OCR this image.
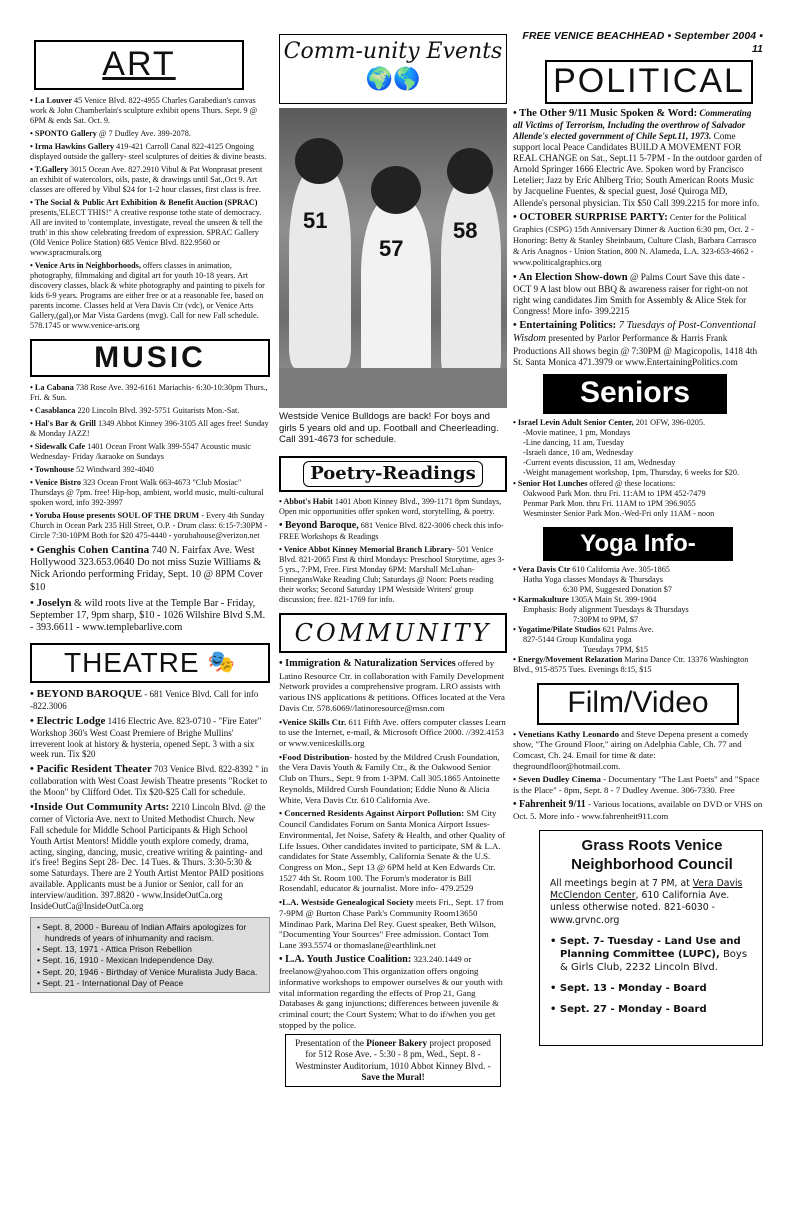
ART

• La Louver 45 Venice Blvd. 822-4955 Charles Garabedian's canvas work & John Chamberlain's sculpture exhibit opens Thurs. Sept. 9 @ 6PM & ends Sat. Oct. 9.

• SPONTO Gallery @ 7 Dudley Ave. 399-2078.

• Irma Hawkins Gallery 419-421 Carroll Canal 822-4125 Ongoing displayed outside the gallery- steel sculptures of deities & divine beasts.

• T.Gallery 3015 Ocean Ave. 827.2910 Vibul & Pat Wonprasat present an exhibit of watercolors, oils, paste, & drawings until Sat.,Oct 9. Art classes are offered by Vibul $24 for 1-2 hour classes, first class is free.

• The Social & Public Art Exhibition & Benefit Auction (SPRAC) presents,'ELECT THIS!" A creative response tothe state of democracy. All are invited to 'contemplate, investigate, reveal the unseen & tell the truth' in this show celebrating freedom of expression. SPRAC Gallery (Old Venice Police Station) 685 Venice Blvd. 822.9560 or www.spracmurals.org

• Venice Arts in Neighborhoods, offers classes in animation, photography, filmmaking and digital art for youth 10-18 years. Art discovery classes, black & white photography and painting to pixels for kids 6-9 years. Programs are either free or at a reasonable fee, based on parents income. Classes held at Vera Davis Ctr (vdc), or Venice Arts Gallery,(gal),or Mar Vista Gardens (mvg). Call for new Fall schedule. 578.1745 or www.venice-arts.org

MUSIC

• La Cabana 738 Rose Ave. 392-6161 Mariachis- 6:30-10:30pm Thurs., Fri. & Sun.

• Casablanca 220 Lincoln Blvd. 392-5751 Guitarists Mon.-Sat.

• Hal's Bar & Grill 1349 Abbot Kinney 396-3105 All ages free! Sunday & Monday JAZZ!

• Sidewalk Cafe 1401 Ocean Front Walk 399-5547 Acoustic music Wednesday- Friday /karaoke on Sundays

• Townhouse 52 Windward 392-4040

• Venice Bistro 323 Ocean Front Walk 663-4673 "Club Mosiac" Thursdays @ 7pm. free! Hip-hop, ambient, world music, multi-cultural spoken word, info 392-3997

• Yoruba House presents SOUL OF THE DRUM - Every 4th Sunday Church in Ocean Park 235 Hill Street, O.P. - Drum class: 6:15-7:30PM - Circle 7:30-10PM Both for $20 475-4440 - yorubahouse@verizon.net

• Genghis Cohen Cantina 740 N. Fairfax Ave. West Hollywood 323.653.0640 Do not miss Suzie Williams & Nick Ariondo performing Friday, Sept. 10 @ 8PM Cover $10

• Joselyn & wild roots live at the Temple Bar - Friday, September 17, 9pm sharp, $10 - 1026 Wilshire Blvd S.M. - 393.6611 - www.templebarlive.com

THEATRE 🎭

• BEYOND BAROQUE - 681 Venice Blvd. Call for info -822.3006

• Electric Lodge 1416 Electric Ave. 823-0710 - "Fire Eater" Workshop 360's West Coast Premiere of Brighe Mullins' irreverent look at history & hysteria, opened Sept. 3 with a six week run. Tix $20

• Pacific Resident Theater 703 Venice Blvd. 822-8392 " in collaboration with West Coast Jewish Theatre presents "Rocket to the Moon" by Clifford Odet. Tix $20-$25 Call for schedule.

•Inside Out Community Arts: 2210 Lincoln Blvd. @ the corner of Victoria Ave. next to United Methodist Church. New Fall schedule for Middle School Participants & High School Youth Artist Mentors! Middle youth explore comedy, drama, acting, singing, dancing, music, creative writing & painting- and it's free! Begins Sept 28- Dec. 14 Tues. & Thurs. 3:30-5:30 & some Saturdays. There are 2 Youth Artist Mentor PAID positions available. Applicants must be a Junior or Senior, call for an interview/audition. 397.8820 - www.InsideOutCa.org InsideOutCa@InsideOutCa.org

• Sept. 8, 2000 - Bureau of Indian Affairs apologizes for hundreds of years of inhumanity and racism.
• Sept. 13, 1971 - Attica Prison Rebellion
• Sept. 16, 1910 - Mexican Independence Day.
• Sept. 20, 1946 - Birthday of Venice Muralista Judy Baca.
• Sept. 21 - International Day of Peace
Comm-unity Events
🌍🌎
51
57
58
Westside Venice Bulldogs are back! For boys and girls 5 years old and up. Football and Cheerleading. Call 391-4673 for schedule.
Poetry-Readings

• Abbot's Habit 1401 Abott Kinney Blvd., 399-1171 8pm Sundays, Open mic opportunities offer spoken word, storytelling, & poetry.

• Beyond Baroque, 681 Venice Blvd. 822-3006 check this info- FREE Workshops & Readings

• Venice Abbot Kinney Memorial Branch Library- 501 Venice Blvd. 821-2065 First & third Mondays: Preschool Storytime, ages 3-5 yrs., 7:PM, Free. First Monday 6PM: Marshall McLuhan-FinnegansWake Reading Club; Saturdays @ Noon: Poets reading their works; Second Saturday 1PM Westside Writers' group discussion; free. 821-1769 for info.

COMMUNITY

• Immigration & Naturalization Services offered by Latino Resource Ctr. in collaboration with Family Development Network provides a comprehensive program. LRO assists with various INS applications & petitions. Offices located at the Vera Davis Ctr. 578.6069//latinoresource@msn.com

•Venice Skills Ctr. 611 Fifth Ave. offers computer classes Learn to use the Internet, e-mail, & Microsoft Office 2000. //392.4153 or www.veniceskills.org

•Food Distribution- hosted by the Mildred Crush Foundation, the Vera Davis Youth & Family Ctr., & the Oakwood Senior Club on Thurs., Sept. 9 from 1-3PM. Call 305.1865 Antoinette Reynolds, Mildred Cursh Foundation; Eddie Nuno & Alicia White, Vera Davis Ctr. 610 California Ave.

• Concerned Residents Against Airport Pollution: SM City Council Candidates Forum on Santa Monica Airport Issues-Environmental, Jet Noise, Safety & Health, and other Quality of Life Issues. Other candidates invited to participate, SM & L.A. candidates for State Assembly, California Senate & the U.S. Congress on Mon., Sept 13 @ 6PM held at Ken Edwards Ctr. 1527 4th St. Room 100. The Forum's moderator is Bill Rosendahl, educator & journalist. More info- 479.2529

•L.A. Westside Genealogical Society meets Fri., Sept. 17 from 7-9PM @ Burton Chase Park's Community Room13650 Mindinao Park, Marina Del Rey. Guest speaker, Beth Wilson, "Documenting Your Sources" Free admission. Contact Tom Lane 393.5574 or thomaslane@earthlink.net

• L.A. Youth Justice Coalition: 323.240.1449 or freelanow@yahoo.com This organization offers ongoing informative workshops to empower ourselves & our youth with vital information regarding the effects of Prop 21, Gang Databases & gang injunctions; differences between juvenile & criminal court; the Court System; What to do if/when you get stopped by the police.

Presentation of the Pioneer Bakery project proposed for 512 Rose Ave. - 5:30 - 8 pm, Wed., Sept. 8 - Westminster Auditorium, 1010 Abbot Kinney Blvd. - Save the Mural!
FREE VENICE BEACHHEAD • September 2004 • 11
POLITICAL

• The Other 9/11 Music Spoken & Word: Commerating all Victims of Terrorism, Including the overthrow of Salvador Allende's elected government of Chile Sept.11, 1973. Come support local Peace Candidates BUILD A MOVEMENT FOR REAL CHANGE on Sat., Sept.11 5-7PM - In the outdoor garden of Arnold Springer 1666 Electric Ave. Spoken word by Francisco Letelier; Jazz by Eric Ahlberg Trio; South American Roots Music by Jacqueline Fuentes, & special guest, José Quiroga MD, Allende's personal physician. Tix $50 Call 399.2215 for more info.

• OCTOBER SURPRISE PARTY: Center for the Political Graphics (CSPG) 15th Anniversary Dinner & Auction 6:30 pm, Oct. 2 - Honoring: Betty & Stanley Sheinbaum, Culture Clash, Barbara Carrasco & Aris Anagnos - Union Station, 800 N. Alameda, L.A. 323-653-4662 - www.politicalgraphics.org

• An Election Show-down @ Palms Court Save this date - OCT 9 A last blow out BBQ & awareness raiser for right-on not right wing candidates Jim Smith for Assembly & Alice Stek for Congress! More info- 399.2215

• Entertaining Politics: 7 Tuesdays of Post-Conventional Wisdom presented by Parlor Performance & Harris Frank Productions All shows begin @ 7:30PM @ Magicopolis, 1418 4th St. Santa Monica 471.3979 or www.EntertainingPolitics.com

Seniors

• Israel Levin Adult Senior Center, 201 OFW, 396-0205.

-Movie matinee, 1 pm, Mondays
-Line dancing, 11 am, Tuesday
-Israeli dance, 10 am, Wednesday
-Current events discussion, 11 am, Wednesday
-Weight management workshop, 1pm, Thursday, 6 weeks for $20.

• Senior Hot Lunches offered @ these locations:

Oakwood Park Mon. thru Fri. 11:AM to 1PM 452-7479
Penmar Park Mon. thru Fri. 11AM to 1PM 396.9055
Wesminster Senior Park Mon.-Wed-Fri only 11AM - noon
Yoga Info-

• Vera Davis Ctr 610 California Ave. 305-1865

Hatha Yoga classes Mondays & Thursdays
6:30 PM, Suggested Donation $7

• Karmakulture 1305A Main St. 399-1904

Emphasis: Body alignment Tuesdays & Thursdays
7:30PM to 9PM, $7

• Yogatime/Pilate Studios 621 Palms Ave.

827-5144 Group Kundalina yoga
Tuesdays 7PM, $15

• Energy/Movement Relazation Marina Dance Ctr. 13376 Washington Blvd., 915-8575 Tues. Evenings 8:15, $15

Film/Video

• Venetians Kathy Leonardo and Steve Depena present a comedy show, "The Ground Floor," airing on Adelphia Cable, Ch. 77 and Comcast, Ch. 24. Email for time & date: thegroundfloor@hotmail.com.

• Seven Dudley Cinema - Documentary "The Last Poets" and "Space is the Place" - 8pm, Sept. 8 - 7 Dudley Avenue. 306-7330. Free

• Fahrenheit 9/11 - Various locations, available on DVD or VHS on Oct. 5. More info - www.fahrenheit911.com

Grass Roots Venice
Neighborhood Council
All meetings begin at 7 PM, at Vera Davis McClendon Center, 610 California Ave. unless otherwise noted. 821-6030 - www.grvnc.org
• Sept. 7- Tuesday - Land Use and Planning Committee (LUPC), Boys & Girls Club, 2232 Lincoln Blvd.
• Sept. 13 - Monday - Board
• Sept. 27 - Monday - Board
